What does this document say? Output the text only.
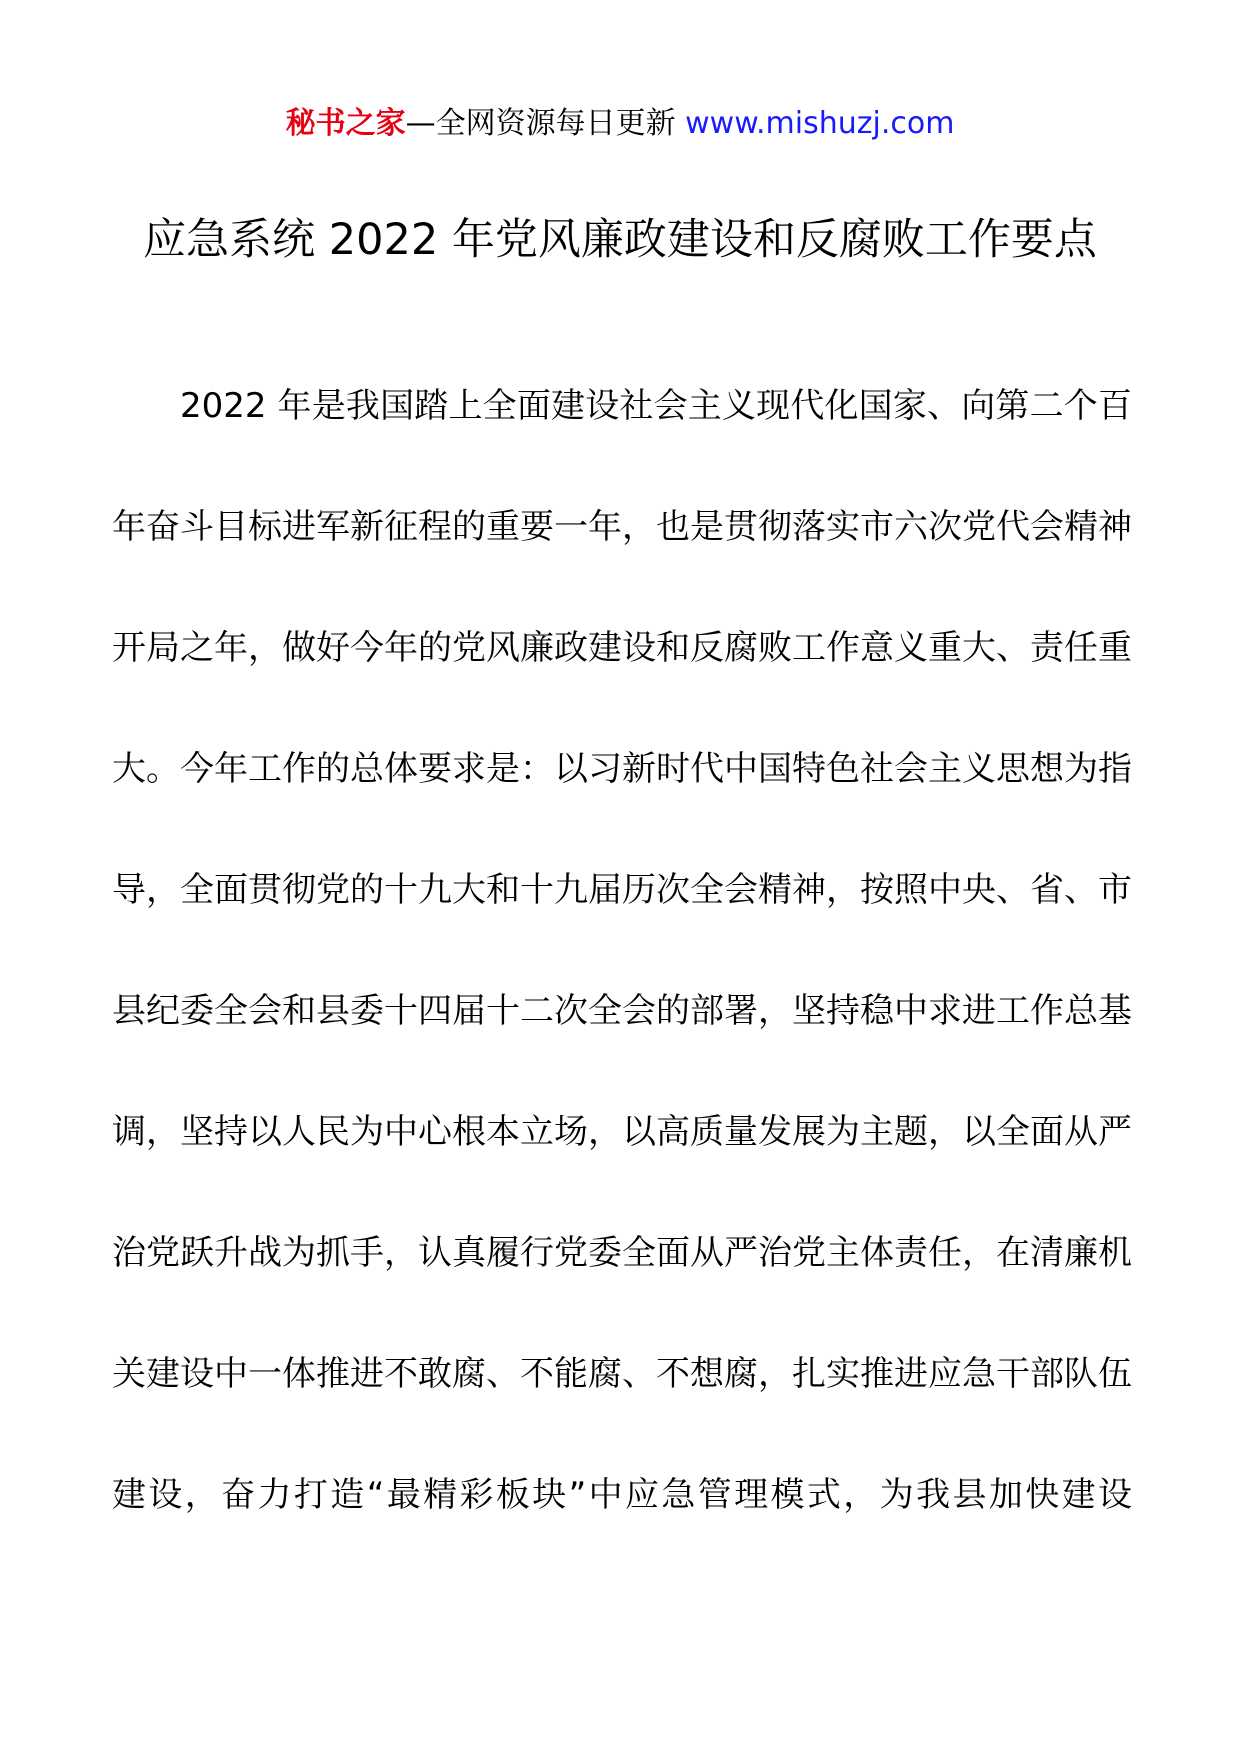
秘书之家—全网资源每日更新 www.mishuzj.com
应急系统 2022 年党风廉政建设和反腐败工作要点
2022 年是我国踏上全面建设社会主义现代化国家、向第二个百
年奋斗目标进军新征程的重要一年，也是贯彻落实市六次党代会精神
开局之年，做好今年的党风廉政建设和反腐败工作意义重大、责任重
大。今年工作的总体要求是：以习新时代中国特色社会主义思想为指
导，全面贯彻党的十九大和十九届历次全会精神，按照中央、省、市
县纪委全会和县委十四届十二次全会的部署，坚持稳中求进工作总基
调，坚持以人民为中心根本立场，以高质量发展为主题，以全面从严
治党跃升战为抓手，认真履行党委全面从严治党主体责任，在清廉机
关建设中一体推进不敢腐、不能腐、不想腐，扎实推进应急干部队伍
建设，奋力打造“最精彩板块”中应急管理模式，为我县加快建设
